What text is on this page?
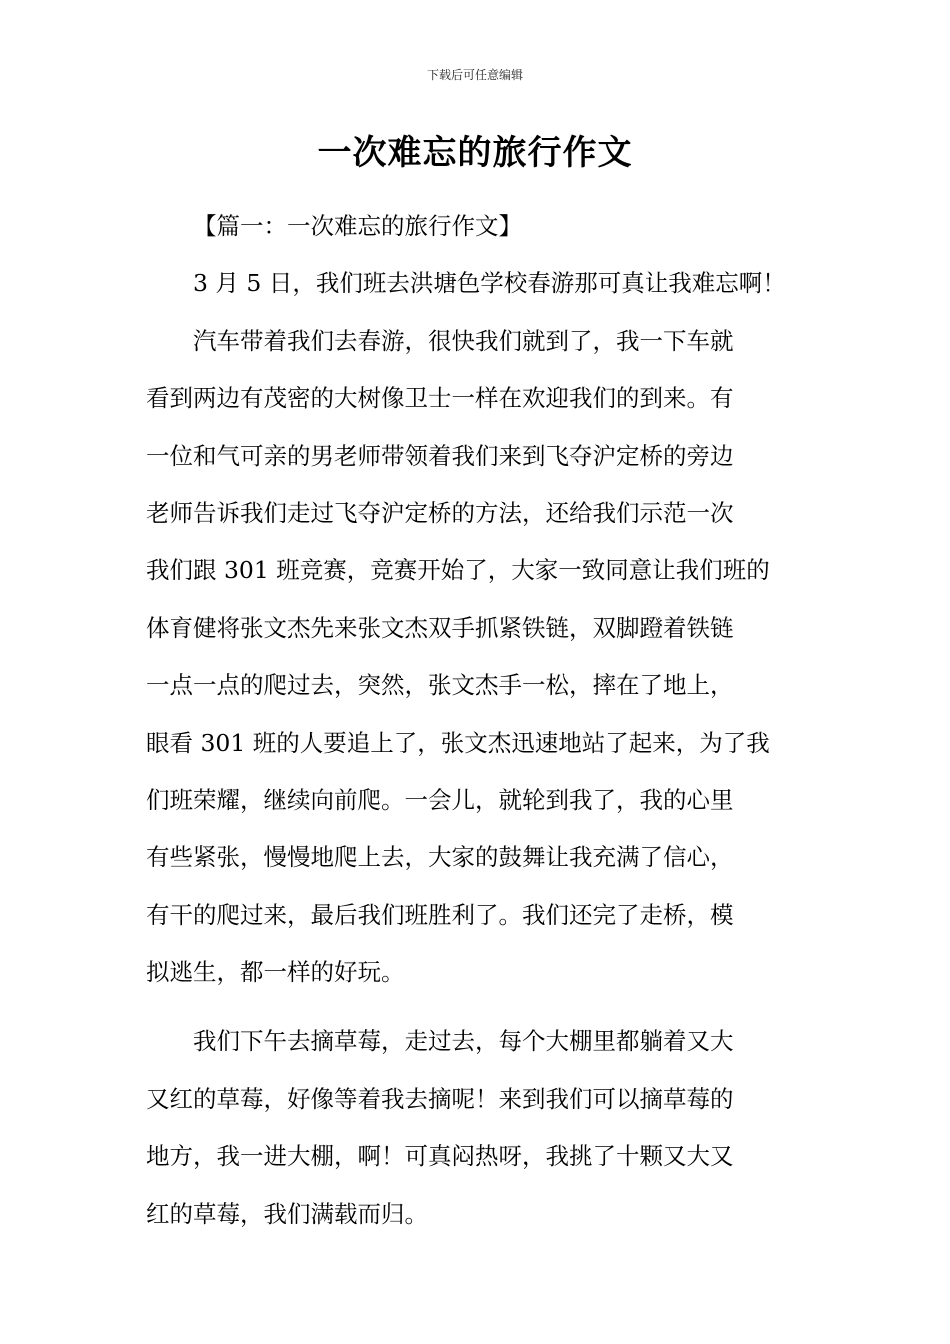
下载后可任意编辑
一次难忘的旅行作文
【篇一：一次难忘的旅行作文】
3 月 5 日，我们班去洪塘色学校春游那可真让我难忘啊！
汽车带着我们去春游，很快我们就到了，我一下车就
看到两边有茂密的大树像卫士一样在欢迎我们的到来。有
一位和气可亲的男老师带领着我们来到飞夺沪定桥的旁边
老师告诉我们走过飞夺沪定桥的方法，还给我们示范一次
我们跟 301 班竞赛，竞赛开始了，大家一致同意让我们班的
体育健将张文杰先来张文杰双手抓紧铁链，双脚蹬着铁链
一点一点的爬过去，突然，张文杰手一松，摔在了地上，
眼看 301 班的人要追上了，张文杰迅速地站了起来，为了我
们班荣耀，继续向前爬。一会儿，就轮到我了，我的心里
有些紧张，慢慢地爬上去，大家的鼓舞让我充满了信心，
有干的爬过来，最后我们班胜利了。我们还完了走桥，模
拟逃生，都一样的好玩。
我们下午去摘草莓，走过去，每个大棚里都躺着又大
又红的草莓，好像等着我去摘呢！来到我们可以摘草莓的
地方，我一进大棚，啊！可真闷热呀，我挑了十颗又大又
红的草莓，我们满载而归。
